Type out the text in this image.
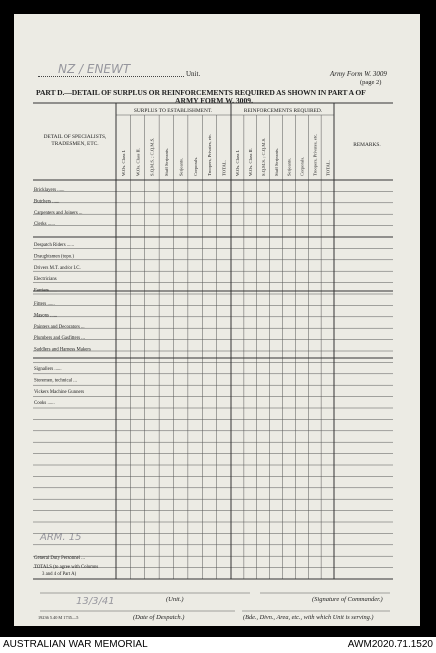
NZ / ENEWT	Unit.	Army Form W. 3009
(page 2)
PART D.—DETAIL OF SURPLUS OR REINFORCEMENTS REQUIRED AS SHOWN IN PART A OF
ARMY FORM W. 3009.
DETAIL OF SPECIALISTS,
TRADESMEN, ETC.
SURPLUS TO ESTABLISHMENT.	REINFORCEMENTS REQUIRED.
REMARKS.
W.Os. Class I. W.Os. Class II. S.Q.M.S. ; C.Q.M.S. Staff Serjeants. Serjeants. Corporals. Troopers, Privates, etc. TOTAL. W.Os. Class I. W.Os. Class II. S.Q.M.S. ; C.Q.M.S. Staff Serjeants. Serjeants. Corporals. Troopers, Privates, etc. TOTAL.
Bricklayers ......
Butchers ......
Carpenters and Joiners ...
Clerks ......
Despatch Riders ......
Draughtsmen (topo.)
Drivers M.T. and/or I.C.
Electricians
Farriers ......
Fitters ......
Masons ......
Painters and Decorators ...
Plumbers and Gasfitters ...
Saddlers and Harness Makers
Signallers ......
Storemen, technical ...
Vickers Machine Gunners
Cooks ......
General Duty Personnel ...
TOTALS (to agree with Columns
3 and 4 of Part A)
ARM. 15
(Unit.)	(Signature of Commander.)
13/3/41
(Date of Despatch.)	(Bde., Divn., Area, etc., with which Unit is serving.)
19236 5.40 M 1735—5
AUSTRALIAN WAR MEMORIAL	AWM2020.71.1520
